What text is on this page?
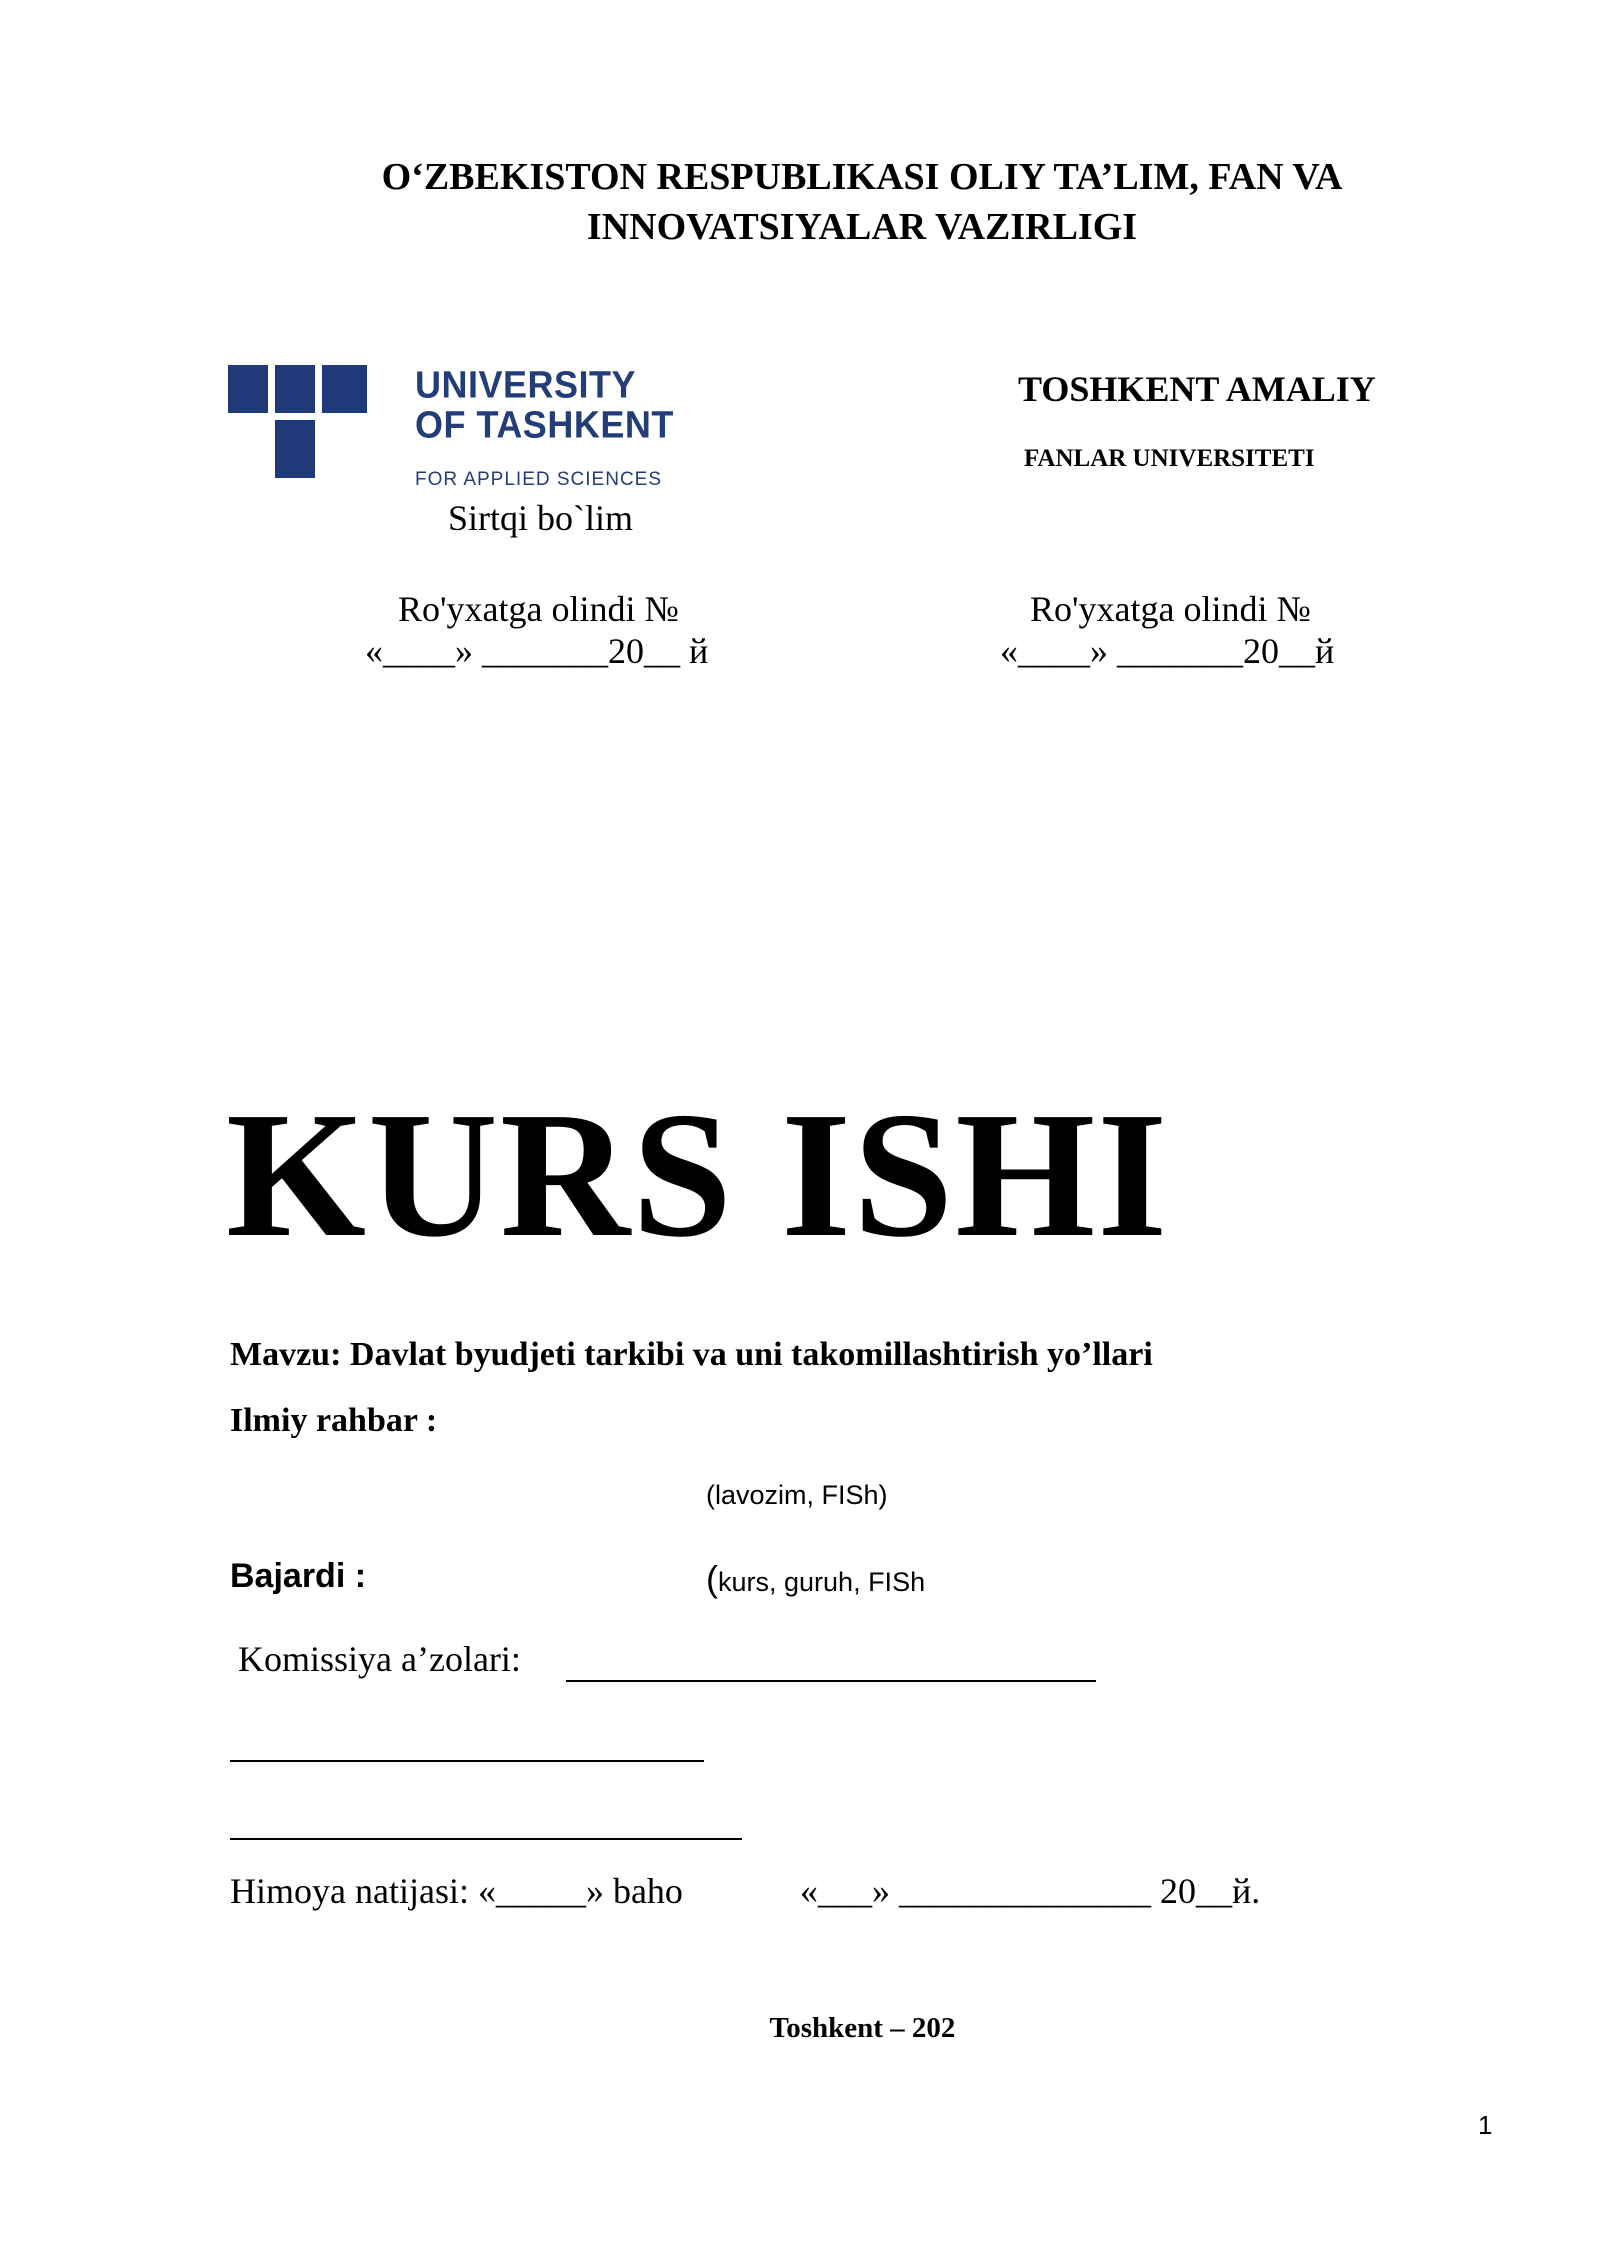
O‘ZBEKISTON RESPUBLIKASI OLIY TA’LIM, FAN VA
INNOVATSIYALAR VAZIRLIGI
UNIVERSITY
OF TASHKENT
FOR APPLIED SCIENCES
TOSHKENT AMALIY
FANLAR UNIVERSITETI
Sirtqi bo`lim
Ro'yxatga olindi №
«____» _______20__ й
Ro'yxatga olindi №
«____» _______20__й
KURS ISHI
Mavzu: Davlat byudjeti tarkibi va uni takomillashtirish yo’llari
Ilmiy rahbar :
(lavozim, FISh)
Bajardi :	(kurs, guruh, FISh
Komissiya a’zolari:
Himoya natijasi: «_____» baho	«___» ______________ 20__й.
Toshkent – 202
1
